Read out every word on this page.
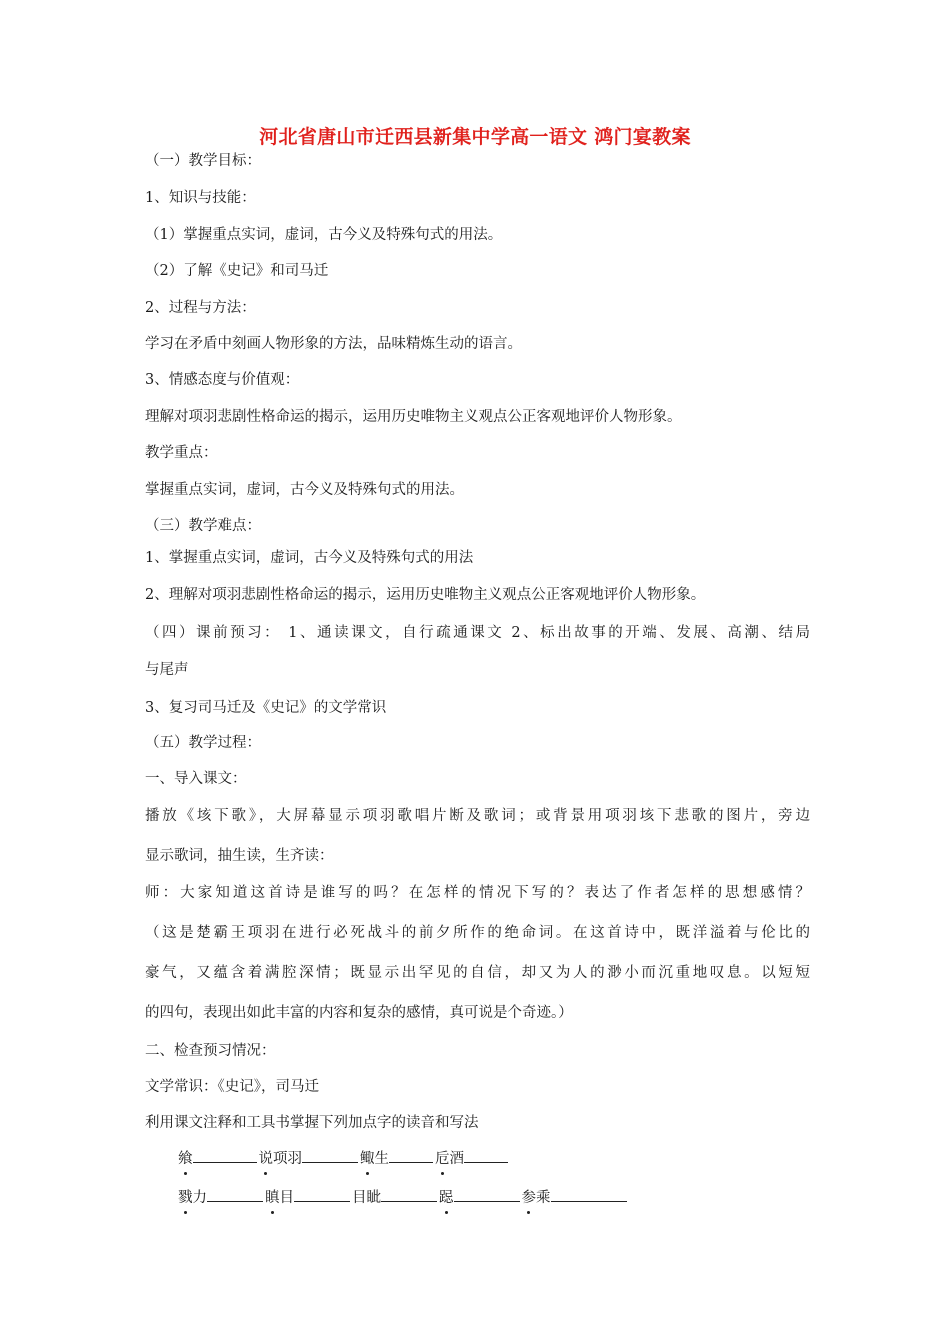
河北省唐山市迁西县新集中学高一语文 鸿门宴教案
（一）教学目标：
1、知识与技能：
（1）掌握重点实词，虚词，古今义及特殊句式的用法。
（2）了解《史记》和司马迁
2、过程与方法：
学习在矛盾中刻画人物形象的方法，品味精炼生动的语言。
3、情感态度与价值观：
理解对项羽悲剧性格命运的揭示，运用历史唯物主义观点公正客观地评价人物形象。
教学重点：
掌握重点实词，虚词，古今义及特殊句式的用法。
（三）教学难点：
1、掌握重点实词，虚词，古今义及特殊句式的用法
2、理解对项羽悲剧性格命运的揭示，运用历史唯物主义观点公正客观地评价人物形象。
（四）课前预习： 1、通读课文，自行疏通课文 2、标出故事的开端、发展、高潮、结局
与尾声
3、复习司马迁及《史记》的文学常识
（五）教学过程：
一、导入课文：
播放《垓下歌》，大屏幕显示项羽歌唱片断及歌词；或背景用项羽垓下悲歌的图片，旁边
显示歌词，抽生读，生齐读：
师：大家知道这首诗是谁写的吗？在怎样的情况下写的？表达了作者怎样的思想感情？
（这是楚霸王项羽在进行必死战斗的前夕所作的绝命词。在这首诗中，既洋溢着与伦比的
豪气，又蕴含着满腔深情；既显示出罕见的自信，却又为人的渺小而沉重地叹息。以短短
的四句，表现出如此丰富的内容和复杂的感情，真可说是个奇迹。）
二、检查预习情况：
文学常识：《史记》，司马迁
利用课文注释和工具书掌握下列加点字的读音和写法
飨	说项羽	鲰生	卮酒
戮力	瞋目	目眦	跽	参乘
